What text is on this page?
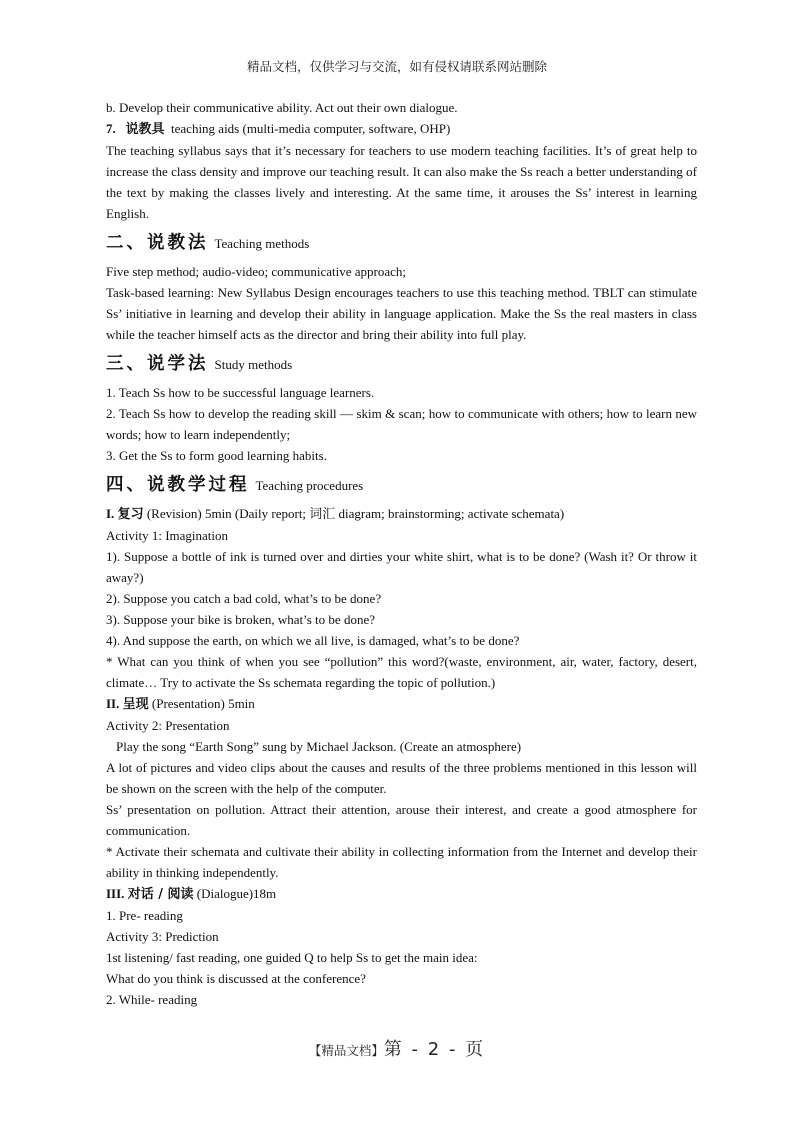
精品文档，仅供学习与交流，如有侵权请联系网站删除

b. Develop their communicative ability. Act out their own dialogue.

7. 说教具 teaching aids (multi-media computer, software, OHP)

The teaching syllabus says that it’s necessary for teachers to use modern teaching facilities. It’s of great help to increase the class density and improve our teaching result. It can also make the Ss reach a better understanding of the text by making the classes lively and interesting. At the same time, it arouses the Ss’ interest in learning English.

二、说教法 Teaching methods

Five step method; audio-video; communicative approach;

Task-based learning: New Syllabus Design encourages teachers to use this teaching method. TBLT can stimulate Ss’ initiative in learning and develop their ability in language application. Make the Ss the real masters in class while the teacher himself acts as the director and bring their ability into full play.

三、说学法 Study methods

1. Teach Ss how to be successful language learners.

2. Teach Ss how to develop the reading skill — skim & scan; how to communicate with others; how to learn new words; how to learn independently;

3. Get the Ss to form good learning habits.

四、说教学过程 Teaching procedures

I. 复习 (Revision) 5min (Daily report; 词汇 diagram; brainstorming; activate schemata)

Activity 1: Imagination

1). Suppose a bottle of ink is turned over and dirties your white shirt, what is to be done? (Wash it? Or throw it away?)

2). Suppose you catch a bad cold, what’s to be done?

3). Suppose your bike is broken, what’s to be done?

4). And suppose the earth, on which we all live, is damaged, what’s to be done?

* What can you think of when you see “pollution” this word?(waste, environment, air, water, factory, desert, climate… Try to activate the Ss schemata regarding the topic of pollution.)

II. 呈现 (Presentation) 5min

Activity 2: Presentation

Play the song “Earth Song” sung by Michael Jackson. (Create an atmosphere)

A lot of pictures and video clips about the causes and results of the three problems mentioned in this lesson will be shown on the screen with the help of the computer.

Ss’ presentation on pollution. Attract their attention, arouse their interest, and create a good atmosphere for communication.

* Activate their schemata and cultivate their ability in collecting information from the Internet and develop their ability in thinking independently.

III. 对话 / 阅读 (Dialogue)18m

1. Pre- reading

Activity 3: Prediction

1st listening/ fast reading, one guided Q to help Ss to get the main idea:

What do you think is discussed at the conference?

2. While- reading

【精品文档】第 - 2 - 页
